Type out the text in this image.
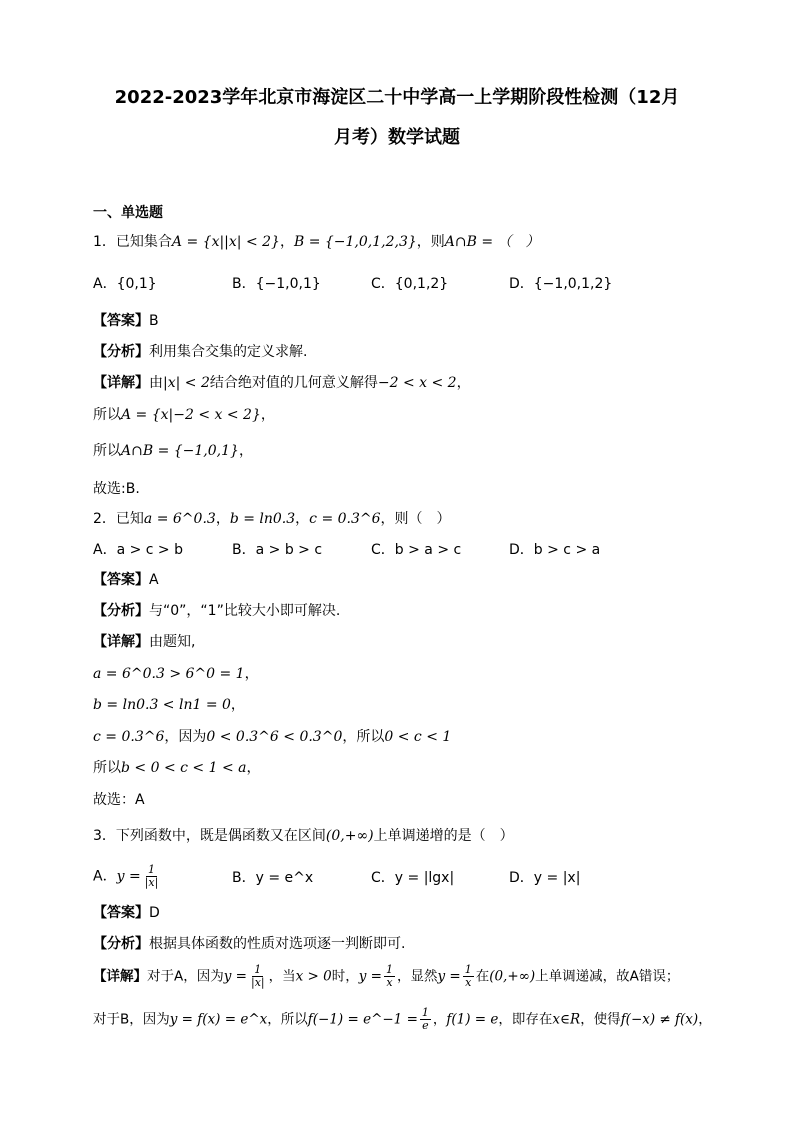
2022-2023学年北京市海淀区二十中学高一上学期阶段性检测（12月
月考）数学试题
一、单选题
1．已知集合A = {x||x| < 2}，B = {−1,0,1,2,3}，则A∩B = （　）
A．{0,1}	B．{−1,0,1}	C．{0,1,2}	D．{−1,0,1,2}
【答案】B
【分析】利用集合交集的定义求解.
【详解】由|x| < 2结合绝对值的几何意义解得−2 < x < 2，
所以A = {x|−2 < x < 2}，
所以A∩B = {−1,0,1}，
故选:B.
2．已知a = 6^0.3，b = ln0.3，c = 0.3^6，则（　）
A．a > c > b	B．a > b > c	C．b > a > c	D．b > c > a
【答案】A
【分析】与“0”，“1”比较大小即可解决.
【详解】由题知,
a = 6^0.3 > 6^0 = 1，
b = ln0.3 < ln1 = 0，
c = 0.3^6，因为0 < 0.3^6 < 0.3^0，所以0 < c < 1
所以b < 0 < c < 1 < a，
故选：A
3．下列函数中，既是偶函数又在区间(0,+∞)上单调递增的是（　）
A．$y = \frac{1}{|x|}$	B．y = e^x	C．y = |lgx|	D．y = |x|
【答案】D
【分析】根据具体函数的性质对选项逐一判断即可.
【详解】对于A，因为$y = \frac{1}{|x|}$ ，当x > 0时，$y = \frac{1}{x}$ ，显然$y = \frac{1}{x}$ 在(0,+∞)上单调递减，故A错误；
对于B，因为y = f(x) = e^x，所以f(−1) = e^−1 = $\frac{1}{e}$ ，f(1) = e，即存在x∈R，使得f(−x) ≠ f(x)，
